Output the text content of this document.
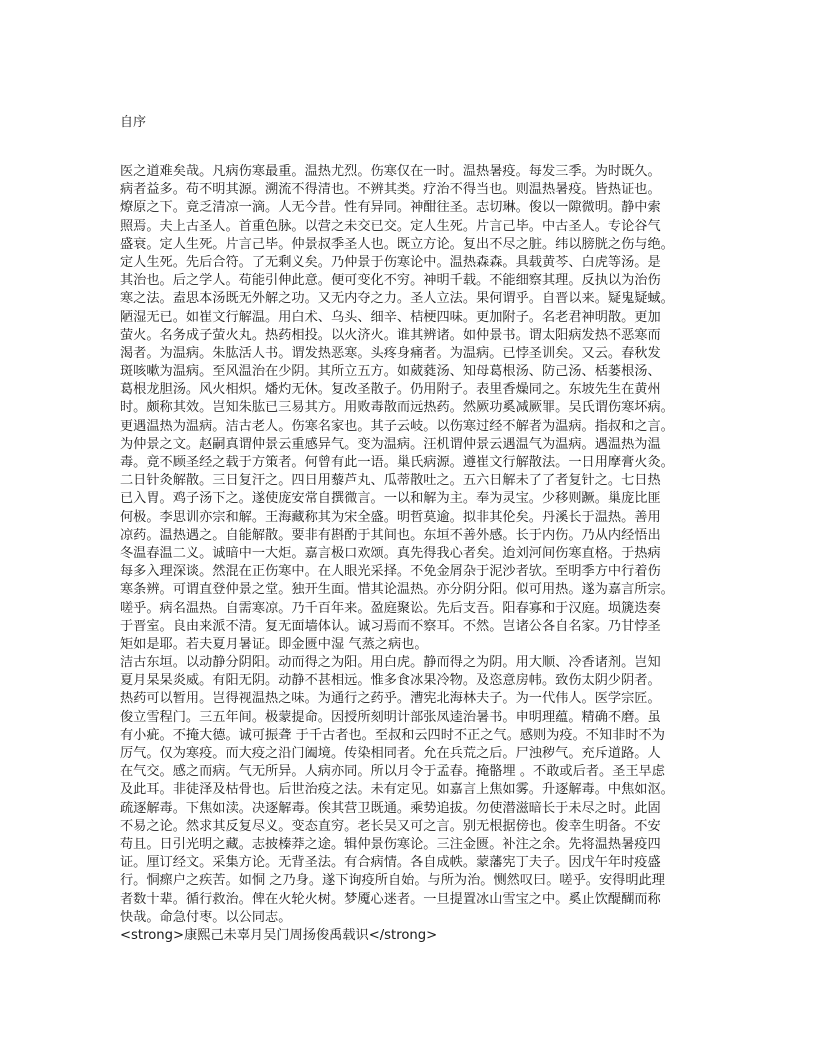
自序
医之道难矣哉。凡病伤寒最重。温热尤烈。伤寒仅在一时。温热暑疫。每发三季。为时既久。
病者益多。苟不明其源。溯流不得清也。不辨其类。疗治不得当也。则温热暑疫。皆热证也。
燎原之下。竟乏清凉一滴。人无今昔。性有异同。神酣往圣。志切琳。俊以一隙微明。静中索
照焉。夫上古圣人。首重色脉。以营之未交已交。定人生死。片言己毕。中古圣人。专论谷气
盛衰。定人生死。片言己毕。仲景叔季圣人也。既立方论。复出不尽之脏。纬以膀胱之伤与绝。
定人生死。先后合符。了无剩义矣。乃仲景于伤寒论中。温热森森。具载黄芩、白虎等汤。是
其治也。后之学人。苟能引伸此意。便可变化不穷。神明千载。不能细察其理。反执以为治伤
寒之法。盍思本汤既无外解之功。又无内夺之力。圣人立法。果何谓乎。自晋以来。疑鬼疑蜮。
陋湿无已。如崔文行解温。用白术、乌头、细辛、桔梗四味。更加附子。名老君神明散。更加
萤火。名务成子萤火丸。热药相投。以火济火。谁其辨诸。如仲景书。谓太阳病发热不恶寒而
渴者。为温病。朱肱活人书。谓发热恶寒。头疼身痛者。为温病。已悖圣训矣。又云。春秋发
斑咳嗽为温病。至风温治在少阴。其所立五方。如葳蕤汤、知母葛根汤、防己汤、栝蒌根汤、
葛根龙胆汤。风火相炽。燔灼无休。复改圣散子。仍用附子。表里香燥同之。东坡先生在黄州
时。颇称其效。岂知朱肱已三易其方。用败毒散而远热药。然厥功奚减厥罪。吴氏谓伤寒坏病。
更遇温热为温病。洁古老人。伤寒名家也。其子云岐。以伤寒过经不解者为温病。指叔和之言。
为仲景之文。赵嗣真谓仲景云重感异气。变为温病。汪机谓仲景云遇温气为温病。遇温热为温
毒。竟不顾圣经之载于方策者。何曾有此一语。巢氏病源。遵崔文行解散法。一日用摩膏火灸。
二日针灸解散。三日复汗之。四日用藜芦丸、瓜蒂散吐之。五六日解未了了者复针之。七日热
已入胃。鸡子汤下之。遂使庞安常自撰微言。一以和解为主。奉为灵宝。少移则蹶。巢庞比匪
何极。李思训亦宗和解。王海藏称其为宋全盛。明哲莫逾。拟非其伦矣。丹溪长于温热。善用
凉药。温热遇之。自能解散。要非有斟酌于其间也。东垣不善外感。长于内伤。乃从内经悟出
冬温春温二义。诚暗中一大炬。嘉言极口欢颂。真先得我心者矣。迨刘河间伤寒直格。于热病
每多入理深谈。然混在正伤寒中。在人眼光采择。不免金屑杂于泥沙者欤。至明季方中行着伤
寒条辨。可谓直登仲景之堂。独开生面。惜其论温热。亦分阴分阳。似可用热。遂为嘉言所宗。
嗟乎。病名温热。自需寒凉。乃千百年来。盈庭聚讼。先后支吾。阳春寡和于汉庭。埙篪迭奏
于晋室。良由来派不清。复无面墙体认。诚习焉而不察耳。不然。岂诸公各自名家。乃甘悖圣
矩如是耶。若夫夏月暑证。即金匮中湿 气蒸之病也。
洁古东垣。以动静分阴阳。动而得之为阳。用白虎。静而得之为阴。用大顺、冷香诸剂。岂知
夏月杲杲炎威。有阳无阴。动静不甚相远。惟多食冰果冷物。及恣意房帏。致伤太阴少阴者。
热药可以暂用。岂得视温热之味。为通行之药乎。漕宪北海林夫子。为一代伟人。医学宗匠。
俊立雪程门。三五年间。极蒙提命。因授所刻明计部张凤逵治暑书。申明理蕴。精确不磨。虽
有小疵。不掩大德。诚可振聋 于千古者也。至叔和云四时不正之气。感则为疫。不知非时不为
厉气。仅为寒疫。而大疫之沿门阖境。传染相同者。允在兵荒之后。尸浊秽气。充斥道路。人
在气交。感之而病。气无所异。人病亦同。所以月令于孟春。掩骼埋 。不敢或后者。圣王早虑
及此耳。非徒泽及枯骨也。后世治疫之法。未有定见。如嘉言上焦如雾。升逐解毒。中焦如沤。
疏逐解毒。下焦如渎。决逐解毒。俟其营卫既通。乘势追拔。勿使潜滋暗长于未尽之时。此固
不易之论。然求其反复尽义。变态直穷。老长吴又可之言。别无根据傍也。俊幸生明备。不安
苟且。日引光明之藏。志披榛莽之途。辑仲景伤寒论。三注金匮。补注之余。先将温热暑疫四
证。厘订经文。采集方论。无背圣法。有合病情。各自成帙。蒙藩宪丁夫子。因戊午年时疫盛
行。恫瘝户之疾苦。如恫 之乃身。遂下询疫所自始。与所为治。恻然叹曰。嗟乎。安得明此理
者数十辈。循行救治。俾在火轮火树。梦魇心迷者。一旦提置冰山雪宝之中。奚止饮醍醐而称
快哉。命急付枣。以公同志。
<strong>康熙己未辜月吴门周扬俊禹载识</strong>
